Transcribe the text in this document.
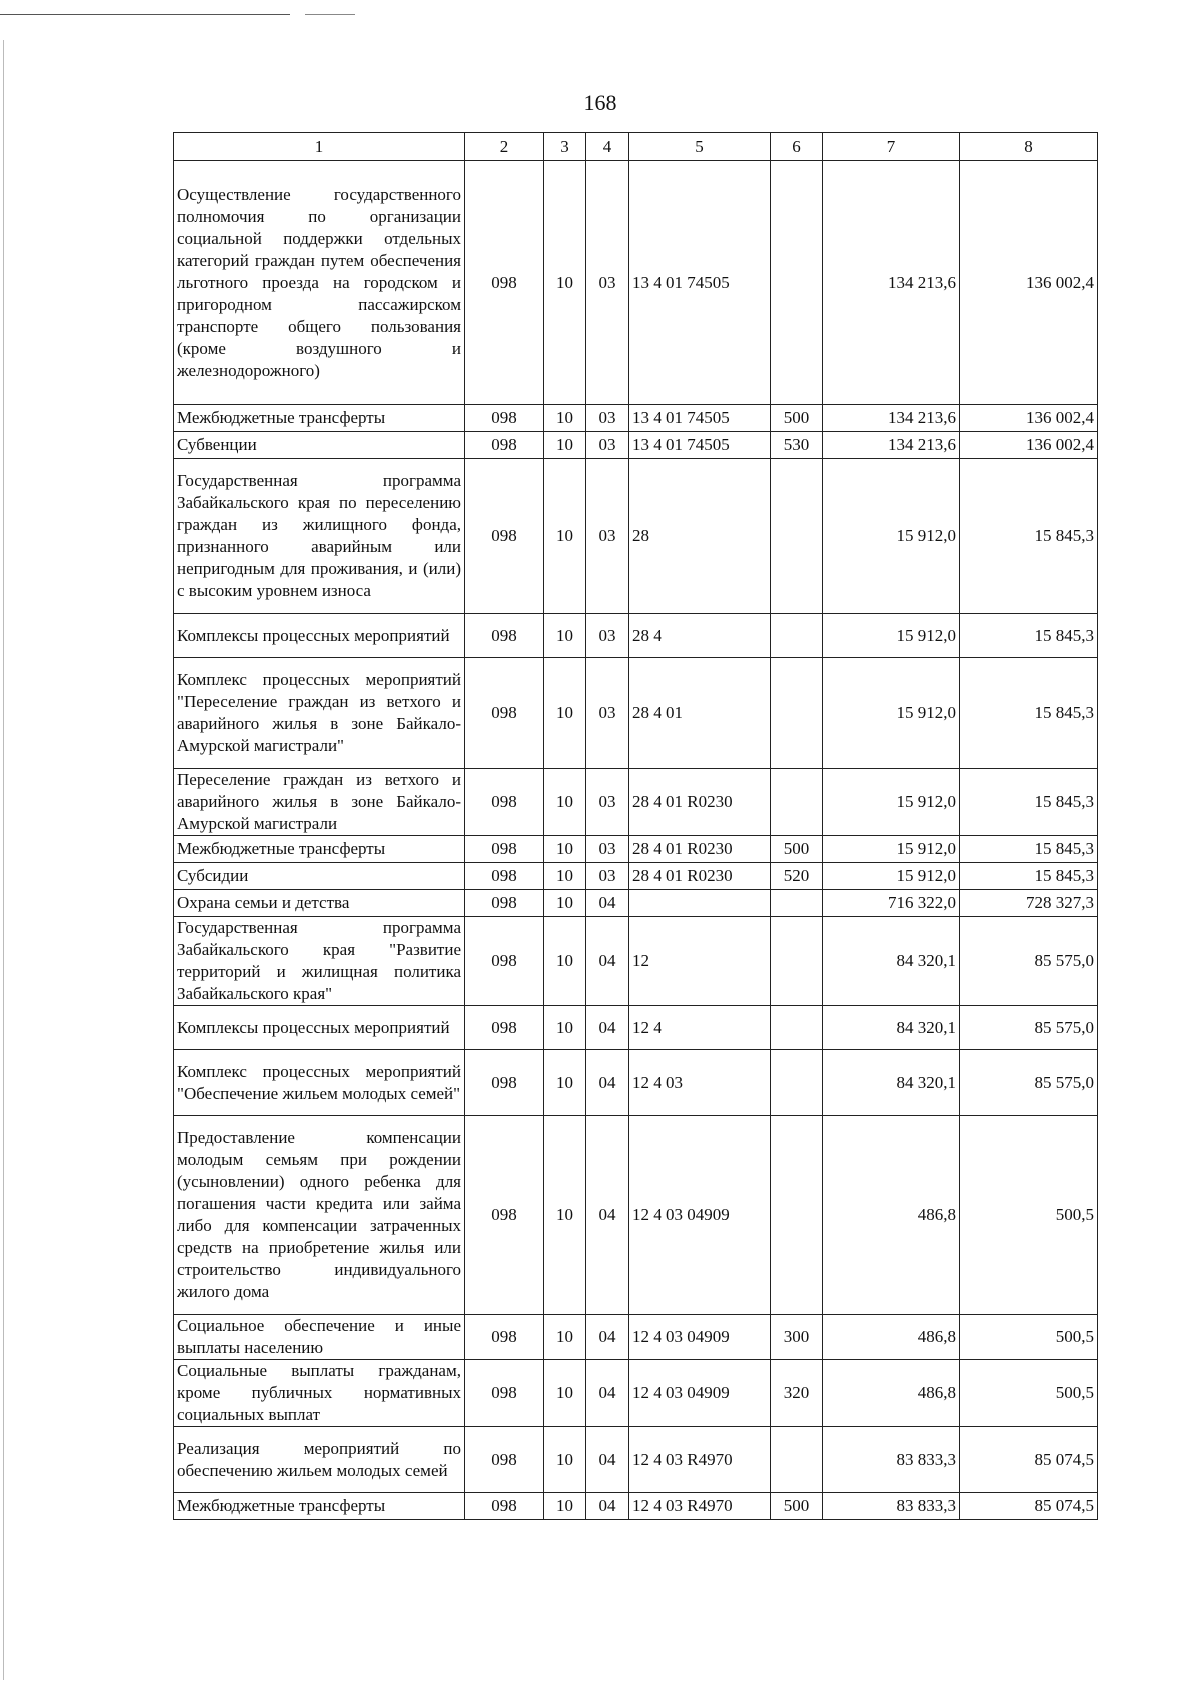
168
1	2	3	4	5	6	7	8
Осуществление государственного полномочия по организации социальной поддержки отдельных категорий граждан путем обеспечения льготного проезда на городском и пригородном пассажирском транспорте общего пользования (кроме воздушного и железнодорожного)	098	10	03	13 4 01 74505		134 213,6	136 002,4
Межбюджетные трансферты	098	10	03	13 4 01 74505	500	134 213,6	136 002,4
Субвенции	098	10	03	13 4 01 74505	530	134 213,6	136 002,4
Государственная программа Забайкальского края по переселению граждан из жилищного фонда, признанного аварийным или непригодным для проживания, и (или) с высоким уровнем износа	098	10	03	28		15 912,0	15 845,3
Комплексы процессных мероприятий	098	10	03	28 4		15 912,0	15 845,3
Комплекс процессных мероприятий "Переселение граждан из ветхого и аварийного жилья в зоне Байкало-Амурской магистрали"	098	10	03	28 4 01		15 912,0	15 845,3
Переселение граждан из ветхого и аварийного жилья в зоне Байкало-Амурской магистрали	098	10	03	28 4 01 R0230		15 912,0	15 845,3
Межбюджетные трансферты	098	10	03	28 4 01 R0230	500	15 912,0	15 845,3
Субсидии	098	10	03	28 4 01 R0230	520	15 912,0	15 845,3
Охрана семьи и детства	098	10	04			716 322,0	728 327,3
Государственная программа Забайкальского края "Развитие территорий и жилищная политика Забайкальского края"	098	10	04	12		84 320,1	85 575,0
Комплексы процессных мероприятий	098	10	04	12 4		84 320,1	85 575,0
Комплекс процессных мероприятий "Обеспечение жильем молодых семей"	098	10	04	12 4 03		84 320,1	85 575,0
Предоставление компенсации молодым семьям при рождении (усыновлении) одного ребенка для погашения части кредита или займа либо для компенсации затраченных средств на приобретение жилья или строительство индивидуального жилого дома	098	10	04	12 4 03 04909		486,8	500,5
Социальное обеспечение и иные выплаты населению	098	10	04	12 4 03 04909	300	486,8	500,5
Социальные выплаты гражданам, кроме публичных нормативных социальных выплат	098	10	04	12 4 03 04909	320	486,8	500,5
Реализация мероприятий по обеспечению жильем молодых семей	098	10	04	12 4 03 R4970		83 833,3	85 074,5
Межбюджетные трансферты	098	10	04	12 4 03 R4970	500	83 833,3	85 074,5
